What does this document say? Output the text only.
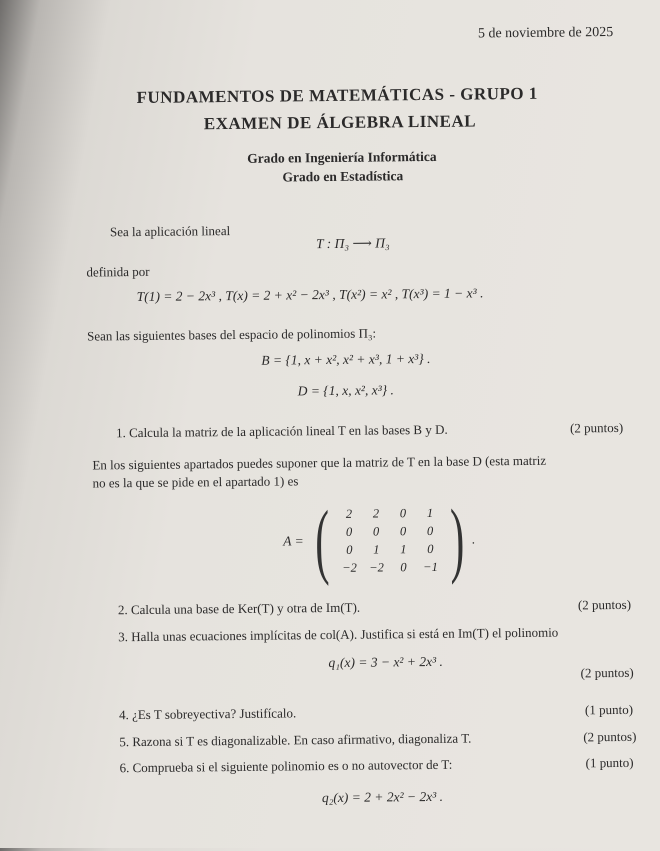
5 de noviembre de 2025
FUNDAMENTOS DE MATEMÁTICAS - GRUPO 1
EXAMEN DE ÁLGEBRA LINEAL
Grado en Ingeniería Informática
Grado en Estadística
Sea la aplicación lineal
T : Π₃ ⟶ Π₃
definida por
T(1) = 2 − 2x³ , T(x) = 2 + x² − 2x³ , T(x²) = x² , T(x³) = 1 − x³ .
Sean las siguientes bases del espacio de polinomios Π₃:
B = {1, x + x², x² + x³, 1 + x³} .
D = {1, x, x², x³} .
1. Calcula la matriz de la aplicación lineal T en las bases B y D.	(2 puntos)
En los siguientes apartados puedes suponer que la matriz de T en la base D (esta matriz
no es la que se pide en el apartado 1) es
A = ( 2	2	0	1
0	0	0	0
0	1	1	0
−2	−2	0	−1 ) .
2. Calcula una base de Ker(T) y otra de Im(T).	(2 puntos)
3. Halla unas ecuaciones implícitas de col(A). Justifica si está en Im(T) el polinomio
q₁(x) = 3 − x² + 2x³ .
(2 puntos)
4. ¿Es T sobreyectiva? Justifícalo.	(1 punto)
5. Razona si T es diagonalizable. En caso afirmativo, diagonaliza T.	(2 puntos)
6. Comprueba si el siguiente polinomio es o no autovector de T:	(1 punto)
q₂(x) = 2 + 2x² − 2x³ .
